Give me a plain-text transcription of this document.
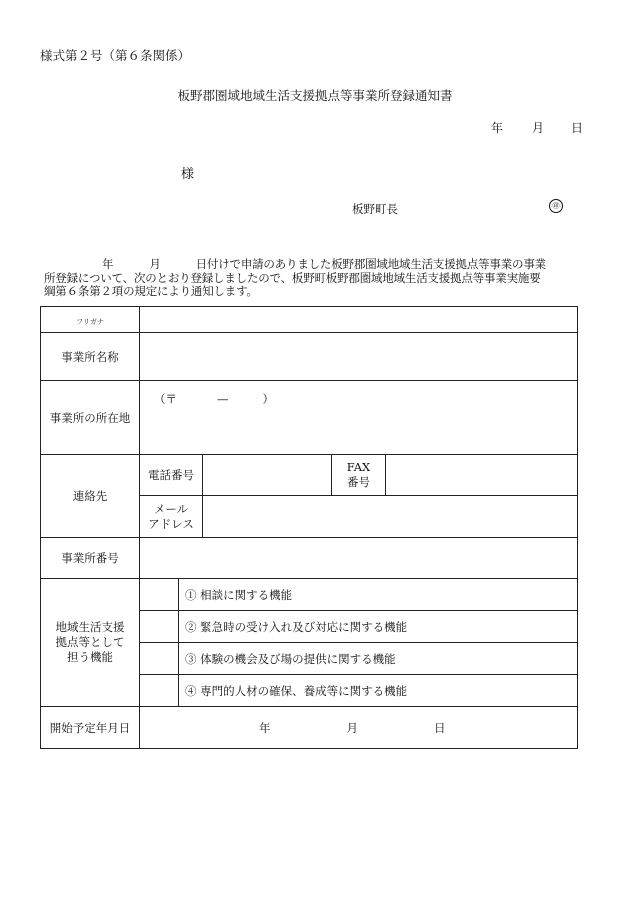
様式第２号（第６条関係）
板野郡圏域地域生活支援拠点等事業所登録通知書
年 月 日
様
板野町長	㊞
年	月	日付けで申請のありました板野郡圏域地域生活支援拠点等事業の事業
所登録について、次のとおり登録しましたので、板野町板野郡圏域地域生活支援拠点等事業実施要
綱第６条第２項の規定により通知します。
フリガナ					
事業所名称					
事業所の所在地	（〒 — ）				

連絡先	電話番号			FAX
番号	
	メール
アドレス				
事業所番号					
地域生活支援
拠点等として
担う機能		① 相談に関する機能			
		② 緊急時の受け入れ及び対応に関する機能			
		③ 体験の機会及び場の提供に関する機能			
		④ 専門的人材の確保、養成等に関する機能			
開始予定年月日	年 月 日				
